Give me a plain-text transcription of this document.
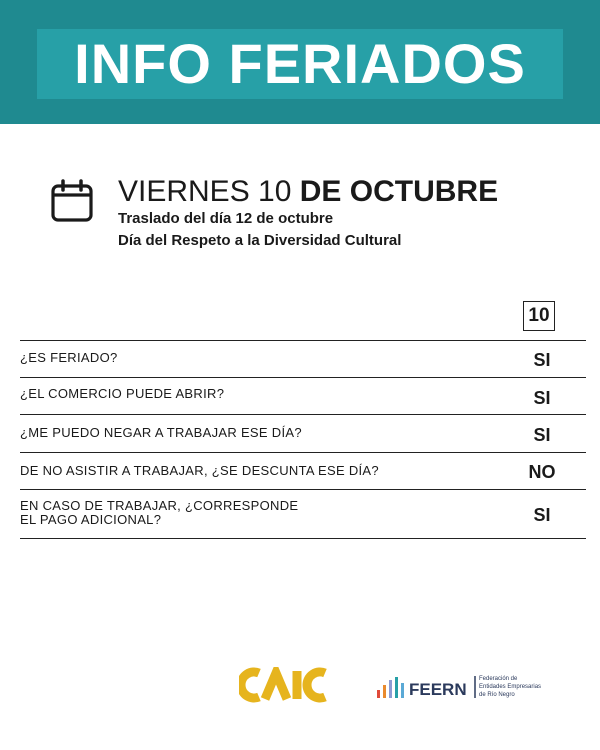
INFO FERIADOS
VIERNES 10 DE OCTUBRE
Traslado del día 12 de octubre
Día del Respeto a la Diversidad Cultural
10
¿ES FERIADO?	SI
¿EL COMERCIO PUEDE ABRIR?	SI
¿ME PUEDO NEGAR A TRABAJAR ESE DÍA?	SI
DE NO ASISTIR A TRABAJAR, ¿SE DESCUNTA ESE DÍA?	NO
EN CASO DE TRABAJAR, ¿CORRESPONDE
EL PAGO ADICIONAL?	SI
FEERN
Federación de
Entidades Empresarias
de Río Negro
